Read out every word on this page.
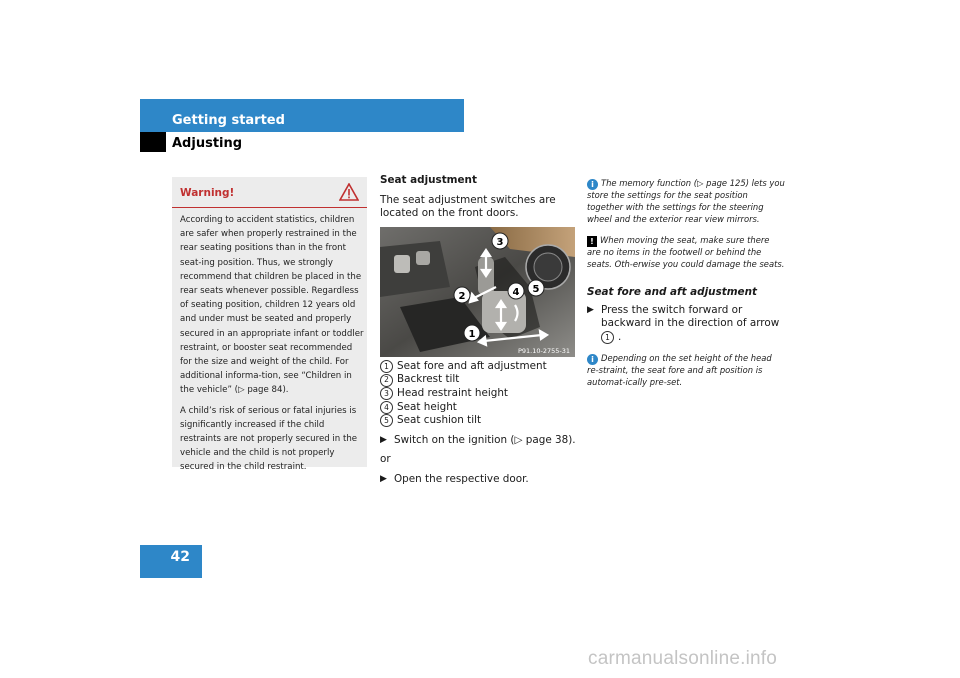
Getting started
Adjusting
Warning!

According to accident statistics, children are safer when properly restrained in the rear seating positions than in the front seat-ing position. Thus, we strongly recommend that children be placed in the rear seats whenever possible. Regardless of seating position, children 12 years old and under must be seated and properly secured in an appropriate infant or toddler restraint, or booster seat recommended for the size and weight of the child. For additional informa-tion, see “Children in the vehicle” (▷ page 84).

A child’s risk of serious or fatal injuries is significantly increased if the child restraints are not properly secured in the vehicle and the child is not properly secured in the child restraint.

Seat adjustment

The seat adjustment switches are located on the front doors.

1
2
3
4 5
P91.10-2755-31
1 Seat fore and aft adjustment
2 Backrest tilt
3 Head restraint height
4 Seat height
5 Seat cushion tilt
▶ Switch on the ignition (▷ page 38).

or

▶ Open the respective door.
i The memory function (▷ page 125) lets you store the settings for the seat position together with the settings for the steering wheel and the exterior rear view mirrors.
! When moving the seat, make sure there are no items in the footwell or behind the seats. Oth-erwise you could damage the seats.
Seat fore and aft adjustment
▶ Press the switch forward or backward in the direction of arrow 1 .
i Depending on the set height of the head re-straint, the seat fore and aft position is automat-ically pre-set.
42
carmanualsonline.info
